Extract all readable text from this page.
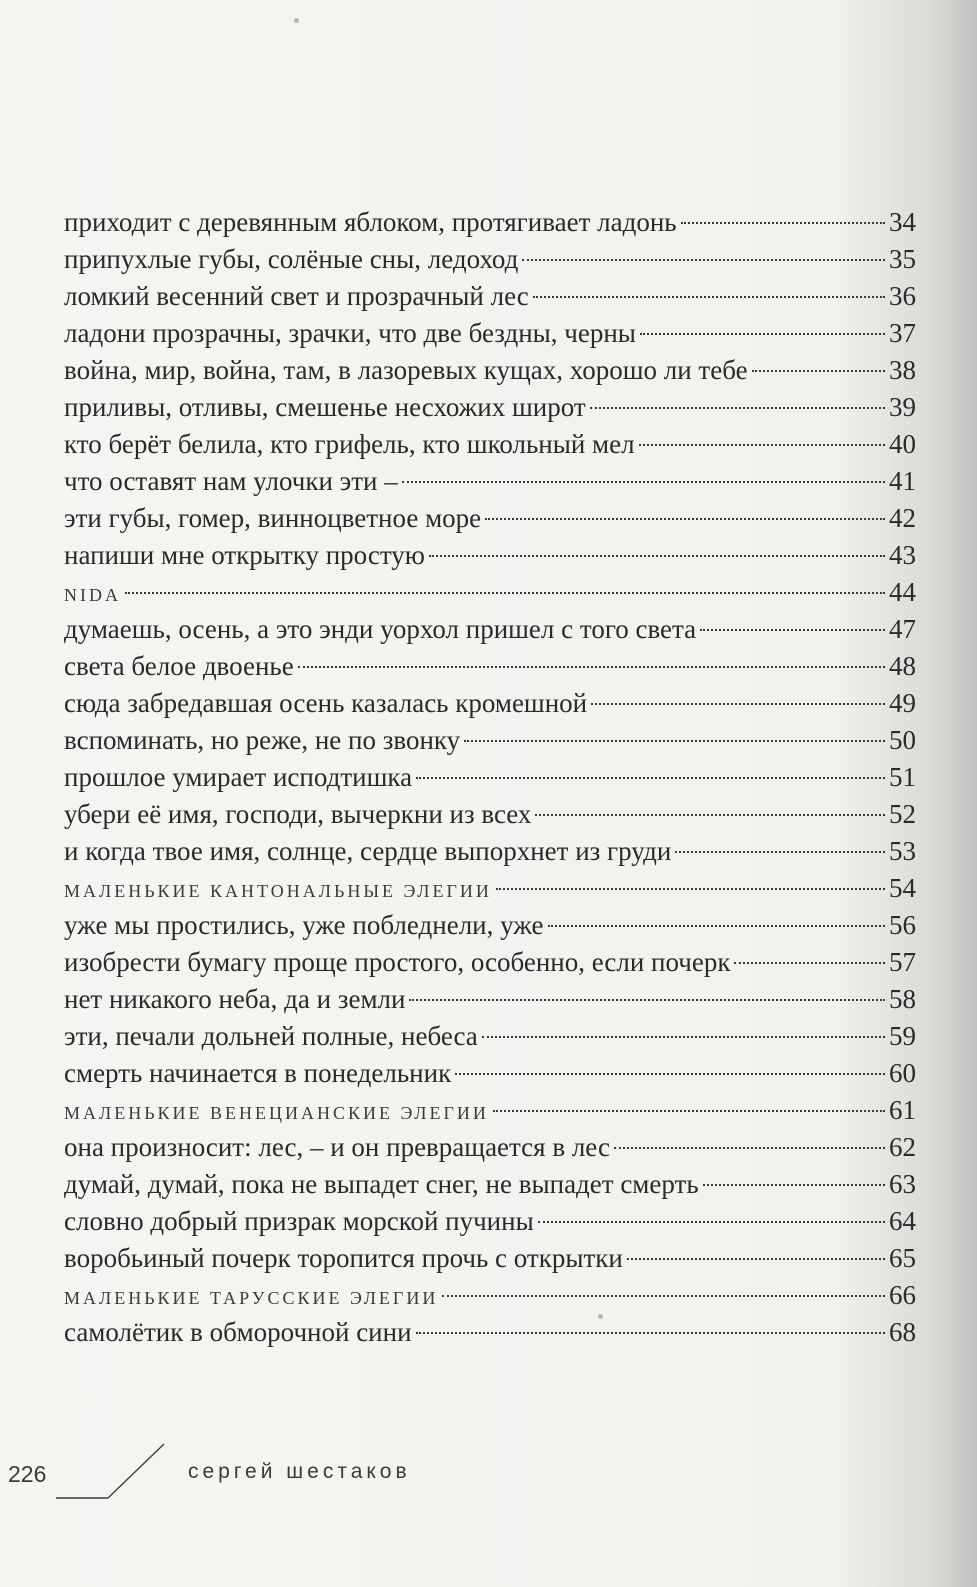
приходит с деревянным яблоком, протягивает ладонь	34
припухлые губы, солёные сны, ледоход	35
ломкий весенний свет и прозрачный лес	36
ладони прозрачны, зрачки, что две бездны, черны	37
война, мир, война, там, в лазоревых кущах, хорошо ли тебе	38
приливы, отливы, смешенье несхожих широт	39
кто берёт белила, кто грифель, кто школьный мел	40
что оставят нам улочки эти –	41
эти губы, гомер, винноцветное море	42
напиши мне открытку простую	43
NIDA	44
думаешь, осень, а это энди уорхол пришел с того света	47
света белое двоенье	48
сюда забредавшая осень казалась кромешной	49
вспоминать, но реже, не по звонку	50
прошлое умирает исподтишка	51
убери её имя, господи, вычеркни из всех	52
и когда твое имя, солнце, сердце выпорхнет из груди	53
МАЛЕНЬКИЕ КАНТОНАЛЬНЫЕ ЭЛЕГИИ	54
уже мы простились, уже побледнели, уже	56
изобрести бумагу проще простого, особенно, если почерк	57
нет никакого неба, да и земли	58
эти, печали дольней полные, небеса	59
смерть начинается в понедельник	60
МАЛЕНЬКИЕ ВЕНЕЦИАНСКИЕ ЭЛЕГИИ	61
она произносит: лес, – и он превращается в лес	62
думай, думай, пока не выпадет снег, не выпадет смерть	63
словно добрый призрак морской пучины	64
воробьиный почерк торопится прочь с открытки	65
МАЛЕНЬКИЕ ТАРУССКИЕ ЭЛЕГИИ	66
самолётик в обморочной сини	68
226	сергей шестаков
